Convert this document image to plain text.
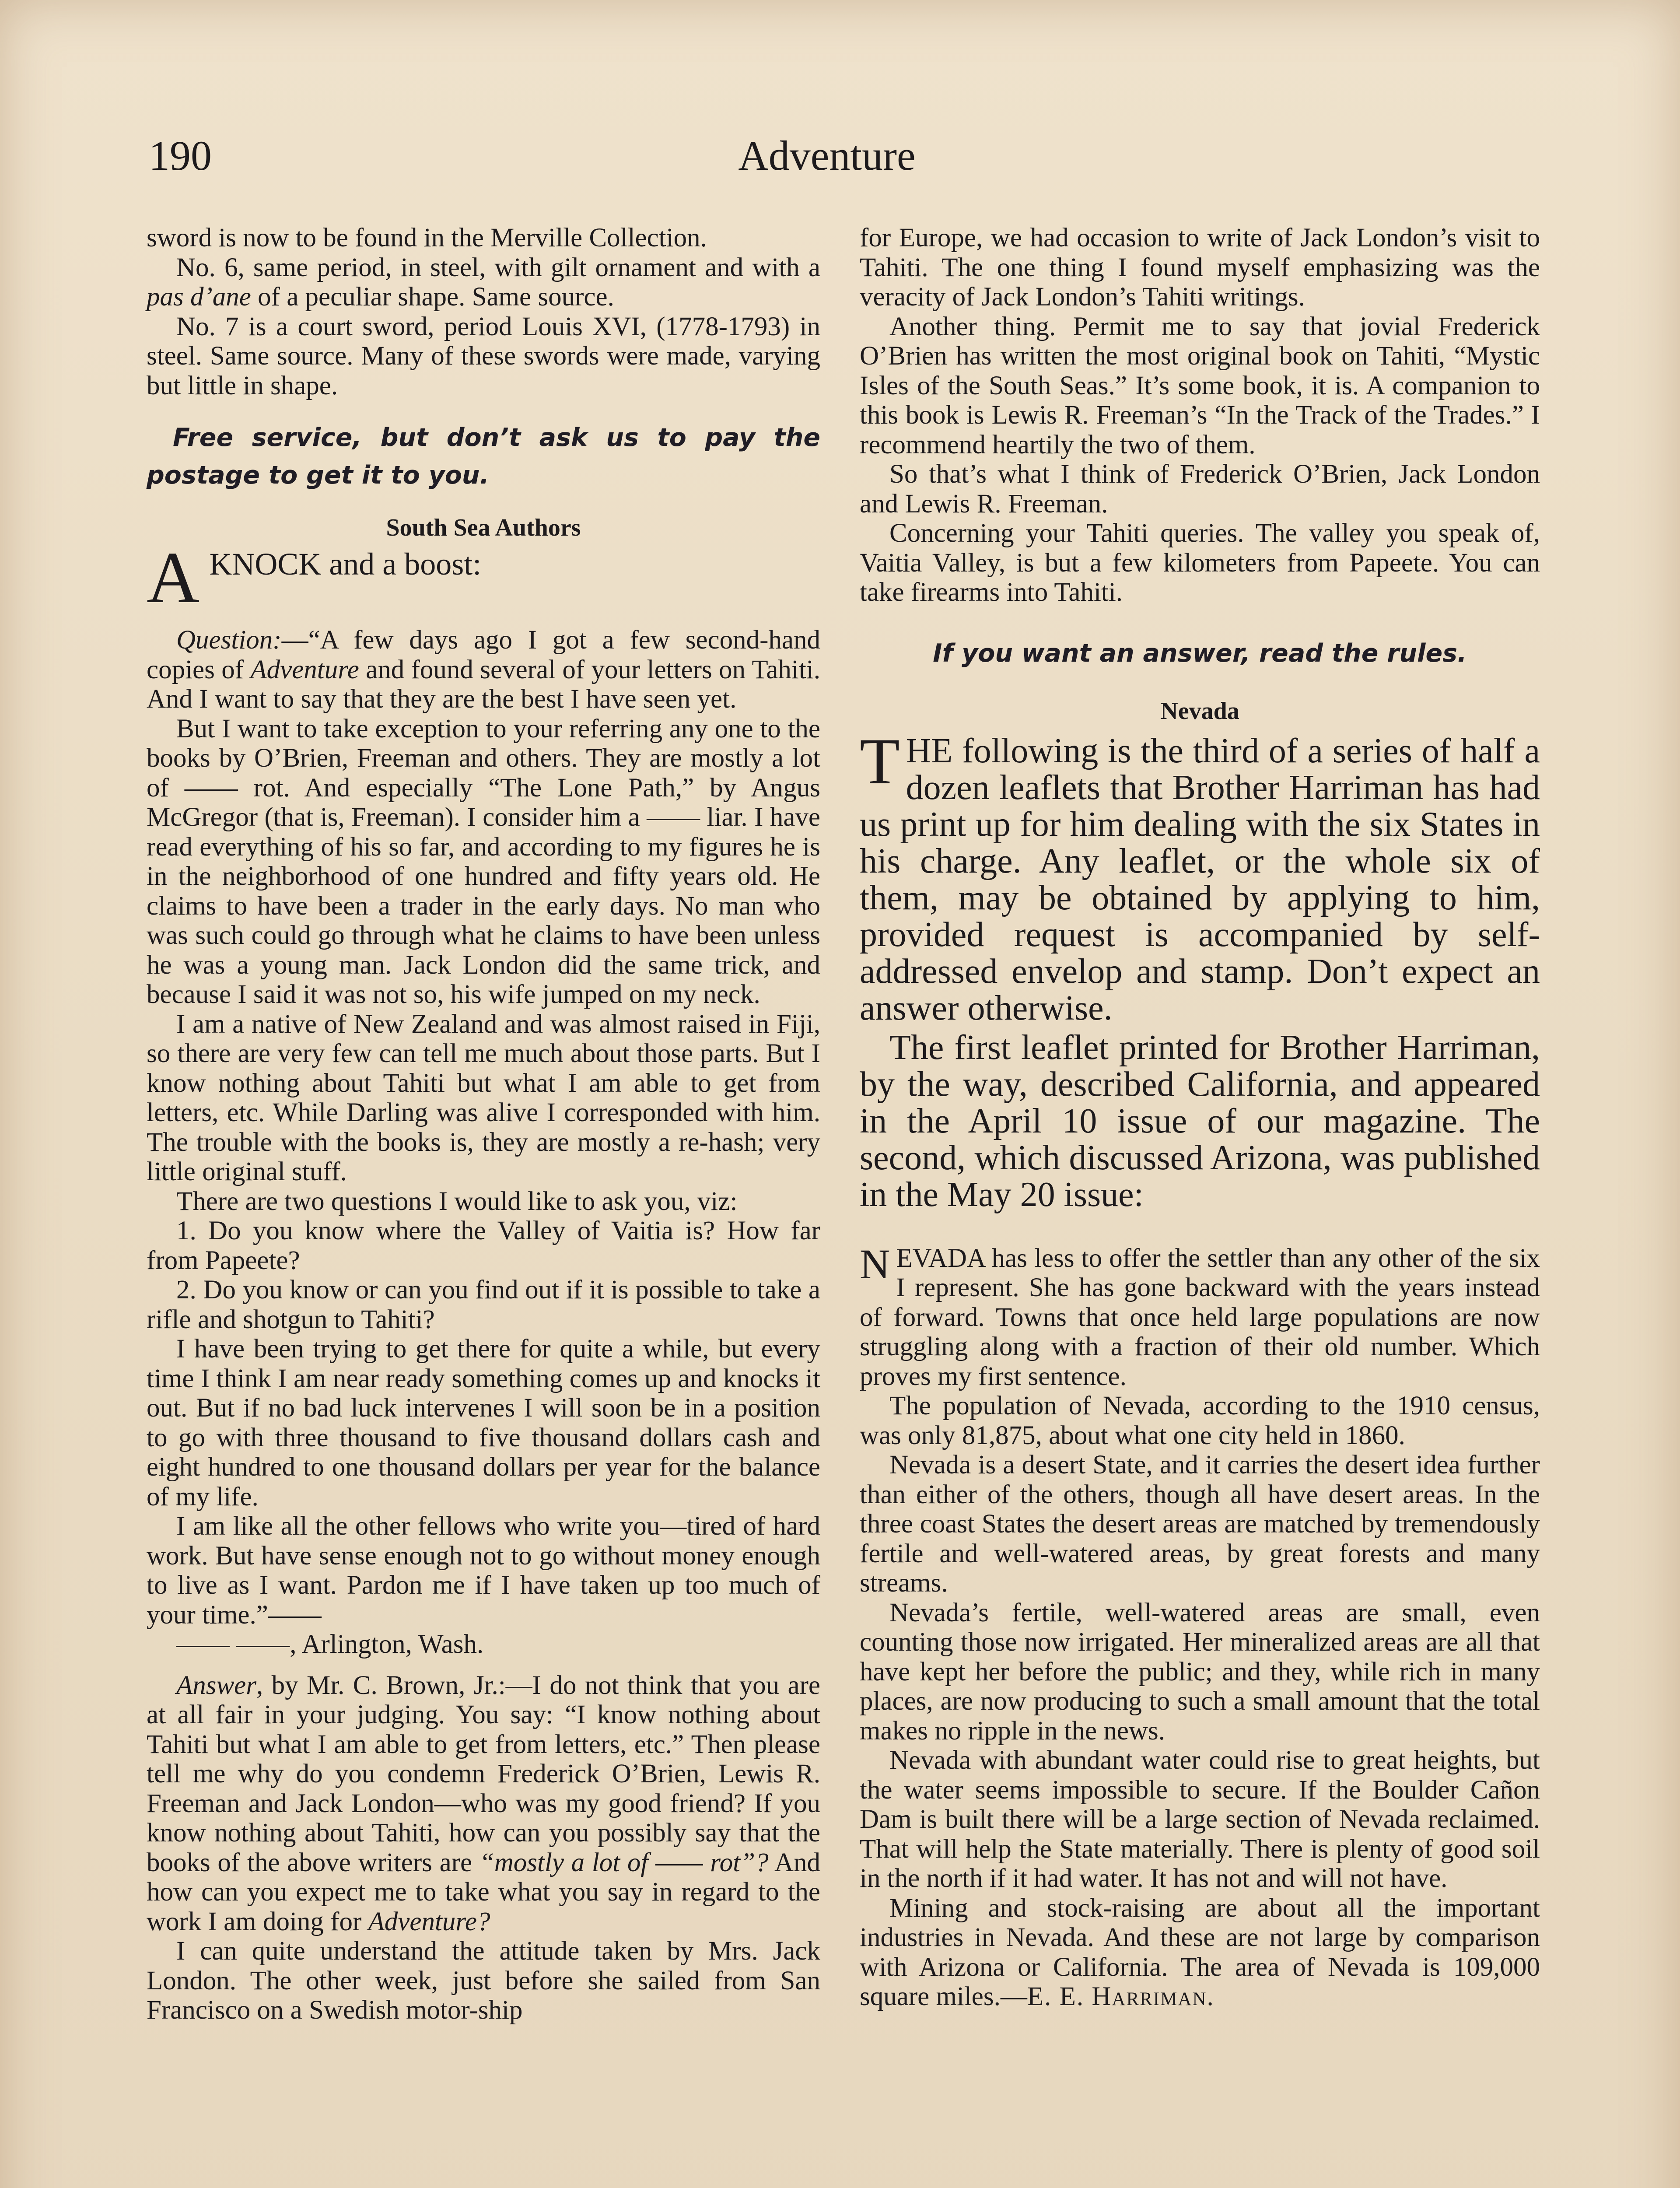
190	Adventure

sword is now to be found in the Merville Collection.

No. 6, same period, in steel, with gilt ornament and with a pas d’ane of a peculiar shape. Same source.

No. 7 is a court sword, period Louis XVI, (1778-1793) in steel. Same source. Many of these swords were made, varying but little in shape.

Free service, but don’t ask us to pay the postage to get it to you.

South Sea Authors

AKNOCK and a boost:

Question:—“A few days ago I got a few second-hand copies of Adventure and found several of your letters on Tahiti. And I want to say that they are the best I have seen yet.

But I want to take exception to your referring any one to the books by O’Brien, Freeman and others. They are mostly a lot of —— rot. And especially “The Lone Path,” by Angus McGregor (that is, Freeman). I consider him a —— liar. I have read everything of his so far, and according to my figures he is in the neighborhood of one hundred and fifty years old. He claims to have been a trader in the early days. No man who was such could go through what he claims to have been unless he was a young man. Jack London did the same trick, and because I said it was not so, his wife jumped on my neck.

I am a native of New Zealand and was almost raised in Fiji, so there are very few can tell me much about those parts. But I know nothing about Tahiti but what I am able to get from letters, etc. While Darling was alive I corresponded with him. The trouble with the books is, they are mostly a re-hash; very little original stuff.

There are two questions I would like to ask you, viz:

1. Do you know where the Valley of Vaitia is? How far from Papeete?

2. Do you know or can you find out if it is possible to take a rifle and shotgun to Tahiti?

I have been trying to get there for quite a while, but every time I think I am near ready something comes up and knocks it out. But if no bad luck intervenes I will soon be in a position to go with three thousand to five thousand dollars cash and eight hundred to one thousand dollars per year for the balance of my life.

I am like all the other fellows who write you—tired of hard work. But have sense enough not to go without money enough to live as I want. Pardon me if I have taken up too much of your time.”——

—— ——, Arlington, Wash.

Answer, by Mr. C. Brown, Jr.:—I do not think that you are at all fair in your judging. You say: “I know nothing about Tahiti but what I am able to get from letters, etc.” Then please tell me why do you condemn Frederick O’Brien, Lewis R. Freeman and Jack London—who was my good friend? If you know nothing about Tahiti, how can you possibly say that the books of the above writers are “mostly a lot of —— rot”? And how can you expect me to take what you say in regard to the work I am doing for Adventure?

I can quite understand the attitude taken by Mrs. Jack London. The other week, just before she sailed from San Francisco on a Swedish motor-ship

for Europe, we had occasion to write of Jack London’s visit to Tahiti. The one thing I found myself emphasizing was the veracity of Jack London’s Tahiti writings.

Another thing. Permit me to say that jovial Frederick O’Brien has written the most original book on Tahiti, “Mystic Isles of the South Seas.” It’s some book, it is. A companion to this book is Lewis R. Freeman’s “In the Track of the Trades.” I recommend heartily the two of them.

So that’s what I think of Frederick O’Brien, Jack London and Lewis R. Freeman.

Concerning your Tahiti queries. The valley you speak of, Vaitia Valley, is but a few kilometers from Papeete. You can take firearms into Tahiti.

If you want an answer, read the rules.

Nevada

THE following is the third of a series of half a dozen leaflets that Brother Harriman has had us print up for him dealing with the six States in his charge. Any leaflet, or the whole six of them, may be obtained by applying to him, provided request is accompanied by self-addressed envelop and stamp. Don’t expect an answer otherwise.

The first leaflet printed for Brother Harriman, by the way, described California, and appeared in the April 10 issue of our magazine. The second, which discussed Arizona, was published in the May 20 issue:

NEVADA has less to offer the settler than any other of the six I represent. She has gone backward with the years instead of forward. Towns that once held large populations are now struggling along with a fraction of their old number. Which proves my first sentence.

The population of Nevada, according to the 1910 census, was only 81,875, about what one city held in 1860.

Nevada is a desert State, and it carries the desert idea further than either of the others, though all have desert areas. In the three coast States the desert areas are matched by tremendously fertile and well-watered areas, by great forests and many streams.

Nevada’s fertile, well-watered areas are small, even counting those now irrigated. Her mineralized areas are all that have kept her before the public; and they, while rich in many places, are now producing to such a small amount that the total makes no ripple in the news.

Nevada with abundant water could rise to great heights, but the water seems impossible to secure. If the Boulder Cañon Dam is built there will be a large section of Nevada reclaimed. That will help the State materially. There is plenty of good soil in the north if it had water. It has not and will not have.

Mining and stock-raising are about all the important industries in Nevada. And these are not large by comparison with Arizona or California. The area of Nevada is 109,000 square miles.—E. E. Harriman.
